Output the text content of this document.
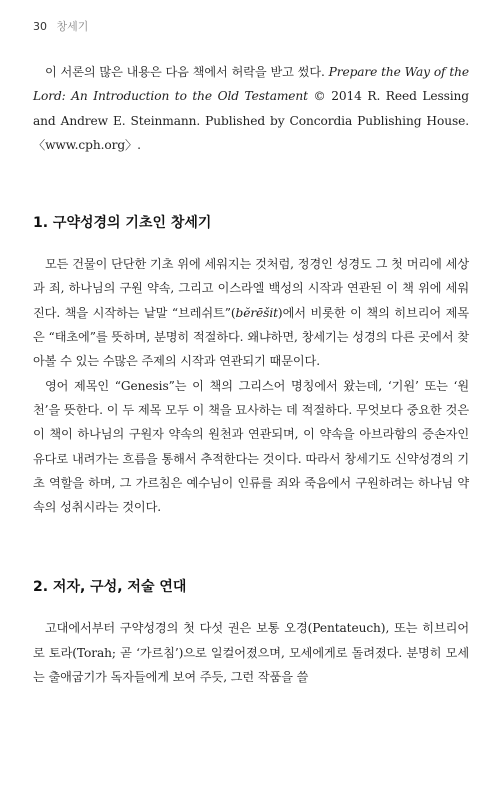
30 창세기

이 서론의 많은 내용은 다음 책에서 허락을 받고 썼다. Prepare the Way of the Lord: An Introduction to the Old Testament © 2014 R. Reed Lessing and Andrew E. Steinmann. Published by Concordia Publishing House. 〈www.cph.org〉.

1. 구약성경의 기초인 창세기

모든 건물이 단단한 기초 위에 세워지는 것처럼, 정경인 성경도 그 첫 머리에 세상과 죄, 하나님의 구원 약속, 그리고 이스라엘 백성의 시작과 연관된 이 책 위에 세워진다. 책을 시작하는 낱말 “브레쉬트”(bĕrēšit)에서 비롯한 이 책의 히브리어 제목은 “태초에”를 뜻하며, 분명히 적절하다. 왜냐하면, 창세기는 성경의 다른 곳에서 찾아볼 수 있는 수많은 주제의 시작과 연관되기 때문이다.

영어 제목인 “Genesis”는 이 책의 그리스어 명칭에서 왔는데, ‘기원’ 또는 ‘원천’을 뜻한다. 이 두 제목 모두 이 책을 묘사하는 데 적절하다. 무엇보다 중요한 것은 이 책이 하나님의 구원자 약속의 원천과 연관되며, 이 약속을 아브라함의 증손자인 유다로 내려가는 흐름을 통해서 추적한다는 것이다. 따라서 창세기도 신약성경의 기초 역할을 하며, 그 가르침은 예수님이 인류를 죄와 죽음에서 구원하려는 하나님 약속의 성취시라는 것이다.

2. 저자, 구성, 저술 연대

고대에서부터 구약성경의 첫 다섯 권은 보통 오경(Pentateuch), 또는 히브리어로 토라(Torah; 곧 ‘가르침’)으로 일컬어졌으며, 모세에게로 돌려졌다. 분명히 모세는 출애굽기가 독자들에게 보여 주듯, 그런 작품을 쓸
